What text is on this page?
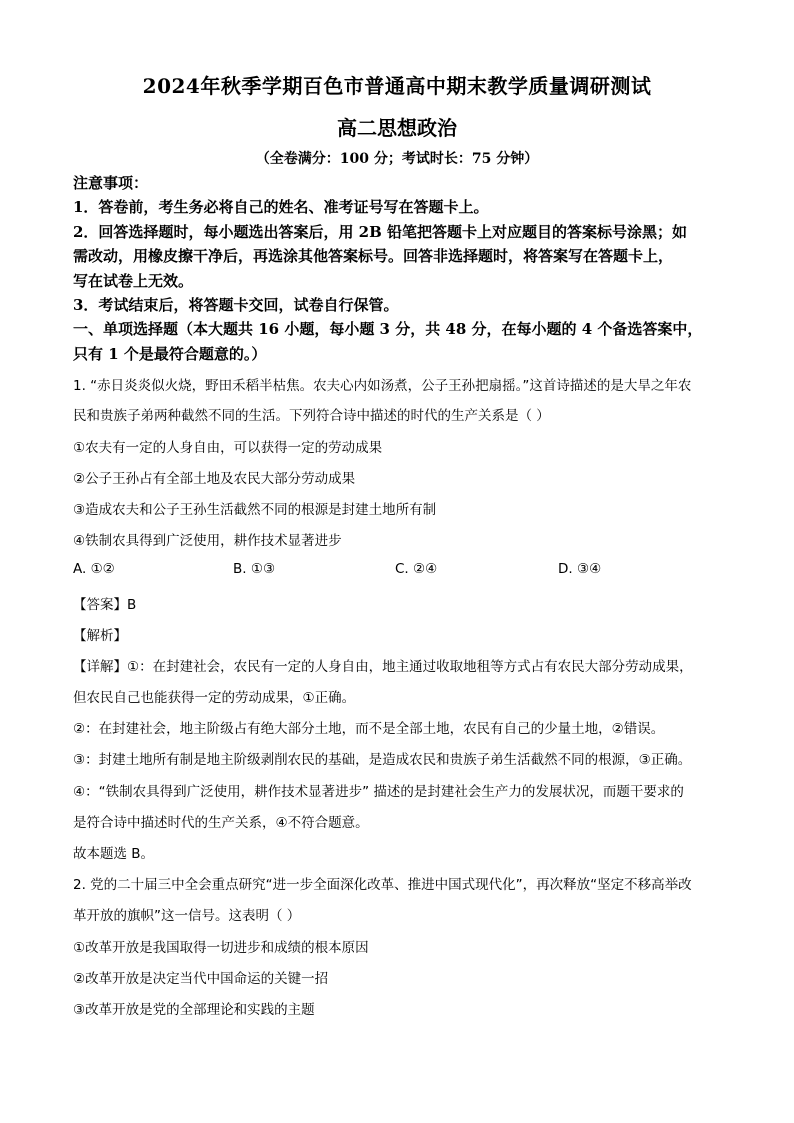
2024年秋季学期百色市普通高中期末教学质量调研测试
高二思想政治
（全卷满分：100 分；考试时长：75 分钟）
注意事项：
1．答卷前，考生务必将自己的姓名、准考证号写在答题卡上。
2．回答选择题时，每小题选出答案后，用 2B 铅笔把答题卡上对应题目的答案标号涂黑；如
需改动，用橡皮擦干净后，再选涂其他答案标号。回答非选择题时，将答案写在答题卡上，
写在试卷上无效。
3．考试结束后，将答题卡交回，试卷自行保管。
一、单项选择题（本大题共 16 小题，每小题 3 分，共 48 分，在每小题的 4 个备选答案中，
只有 1 个是最符合题意的。）
1. “赤日炎炎似火烧，野田禾稻半枯焦。农夫心内如汤煮，公子王孙把扇摇。”这首诗描述的是大旱之年农
民和贵族子弟两种截然不同的生活。下列符合诗中描述的时代的生产关系是（ ）
①农夫有一定的人身自由，可以获得一定的劳动成果
②公子王孙占有全部土地及农民大部分劳动成果
③造成农夫和公子王孙生活截然不同的根源是封建土地所有制
④铁制农具得到广泛使用，耕作技术显著进步
A. ①②	B. ①③	C. ②④	D. ③④
【答案】B
【解析】
【详解】①：在封建社会，农民有一定的人身自由，地主通过收取地租等方式占有农民大部分劳动成果，
但农民自己也能获得一定的劳动成果，①正确。
②：在封建社会，地主阶级占有绝大部分土地，而不是全部土地，农民有自己的少量土地，②错误。
③：封建土地所有制是地主阶级剥削农民的基础，是造成农民和贵族子弟生活截然不同的根源，③正确。
④：“铁制农具得到广泛使用，耕作技术显著进步” 描述的是封建社会生产力的发展状况，而题干要求的
是符合诗中描述时代的生产关系，④不符合题意。
故本题选 B。
2. 党的二十届三中全会重点研究“进一步全面深化改革、推进中国式现代化”，再次释放“坚定不移高举改
革开放的旗帜”这一信号。这表明（ ）
①改革开放是我国取得一切进步和成绩的根本原因
②改革开放是决定当代中国命运的关键一招
③改革开放是党的全部理论和实践的主题
